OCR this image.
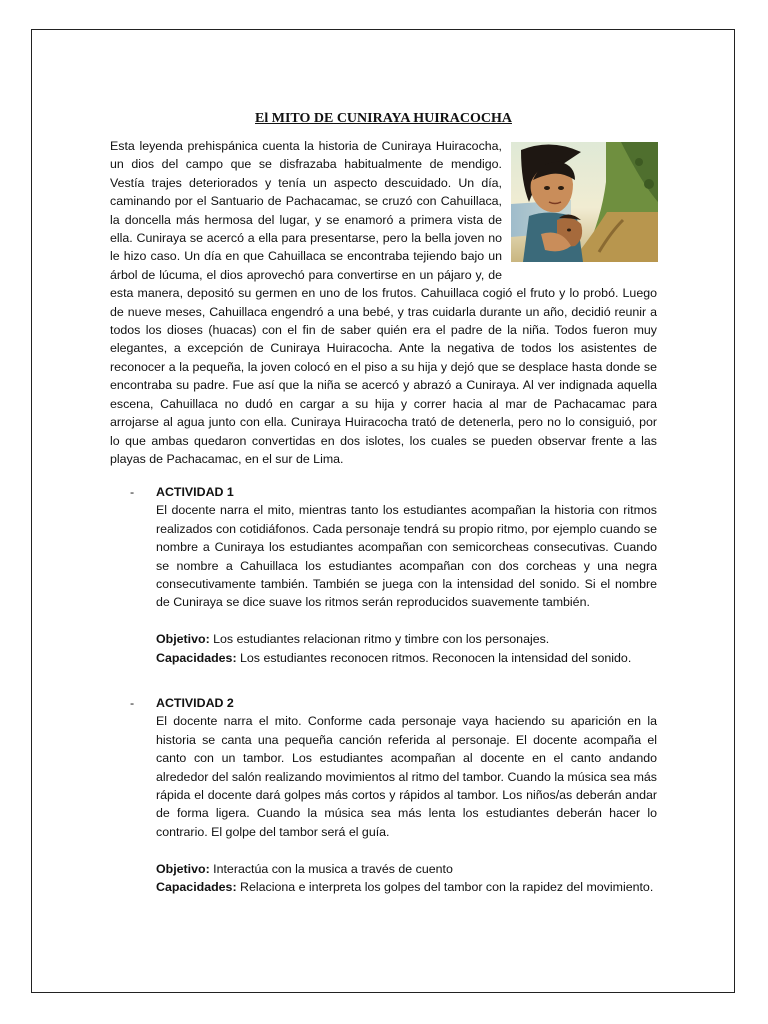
El MITO DE CUNIRAYA HUIRACOCHA

Esta leyenda prehispánica cuenta la historia de Cuniraya Huiracocha, un dios del campo que se disfrazaba habitualmente de mendigo. Vestía trajes deteriorados y tenía un aspecto descuidado. Un día, caminando por el Santuario de Pachacamac, se cruzó con Cahuillaca, la doncella más hermosa del lugar, y se enamoró a primera vista de ella. Cuniraya se acercó a ella para presentarse, pero la bella joven no le hizo caso. Un día en que Cahuillaca se encontraba tejiendo bajo un árbol de lúcuma, el dios aprovechó para convertirse en un pájaro y, de esta manera, depositó su germen en uno de los frutos. Cahuillaca cogió el fruto y lo probó. Luego de nueve meses, Cahuillaca engendró a una bebé, y tras cuidarla durante un año, decidió reunir a todos los dioses (huacas) con el fin de saber quién era el padre de la niña. Todos fueron muy elegantes, a excepción de Cuniraya Huiracocha. Ante la negativa de todos los asistentes de reconocer a la pequeña, la joven colocó en el piso a su hija y dejó que se desplace hasta donde se encontraba su padre. Fue así que la niña se acercó y abrazó a Cuniraya. Al ver indignada aquella escena, Cahuillaca no dudó en cargar a su hija y correr hacia al mar de Pachacamac para arrojarse al agua junto con ella. Cuniraya Huiracocha trató de detenerla, pero no lo consiguió, por lo que ambas quedaron convertidas en dos islotes, los cuales se pueden observar frente a las playas de Pachacamac, en el sur de Lima.

-	ACTIVIDAD 1

El docente narra el mito, mientras tanto los estudiantes acompañan la historia con ritmos realizados con cotidiáfonos. Cada personaje tendrá su propio ritmo, por ejemplo cuando se nombre a Cuniraya los estudiantes acompañan con semicorcheas consecutivas. Cuando se nombre a Cahuillaca los estudiantes acompañan con dos corcheas y una negra consecutivamente también. También se juega con la intensidad del sonido. Si el nombre de Cuniraya se dice suave los ritmos serán reproducidos suavemente también.

Objetivo: Los estudiantes relacionan ritmo y timbre con los personajes.

Capacidades: Los estudiantes reconocen ritmos. Reconocen la intensidad del sonido.

-	ACTIVIDAD 2

El docente narra el mito. Conforme cada personaje vaya haciendo su aparición en la historia se canta una pequeña canción referida al personaje. El docente acompaña el canto con un tambor. Los estudiantes acompañan al docente en el canto andando alrededor del salón realizando movimientos al ritmo del tambor. Cuando la música sea más rápida el docente dará golpes más cortos y rápidos al tambor. Los niños/as deberán andar de forma ligera. Cuando la música sea más lenta los estudiantes deberán hacer lo contrario. El golpe del tambor será el guía.

Objetivo: Interactúa con la musica a través de cuento

Capacidades: Relaciona e interpreta los golpes del tambor con la rapidez del movimiento.
